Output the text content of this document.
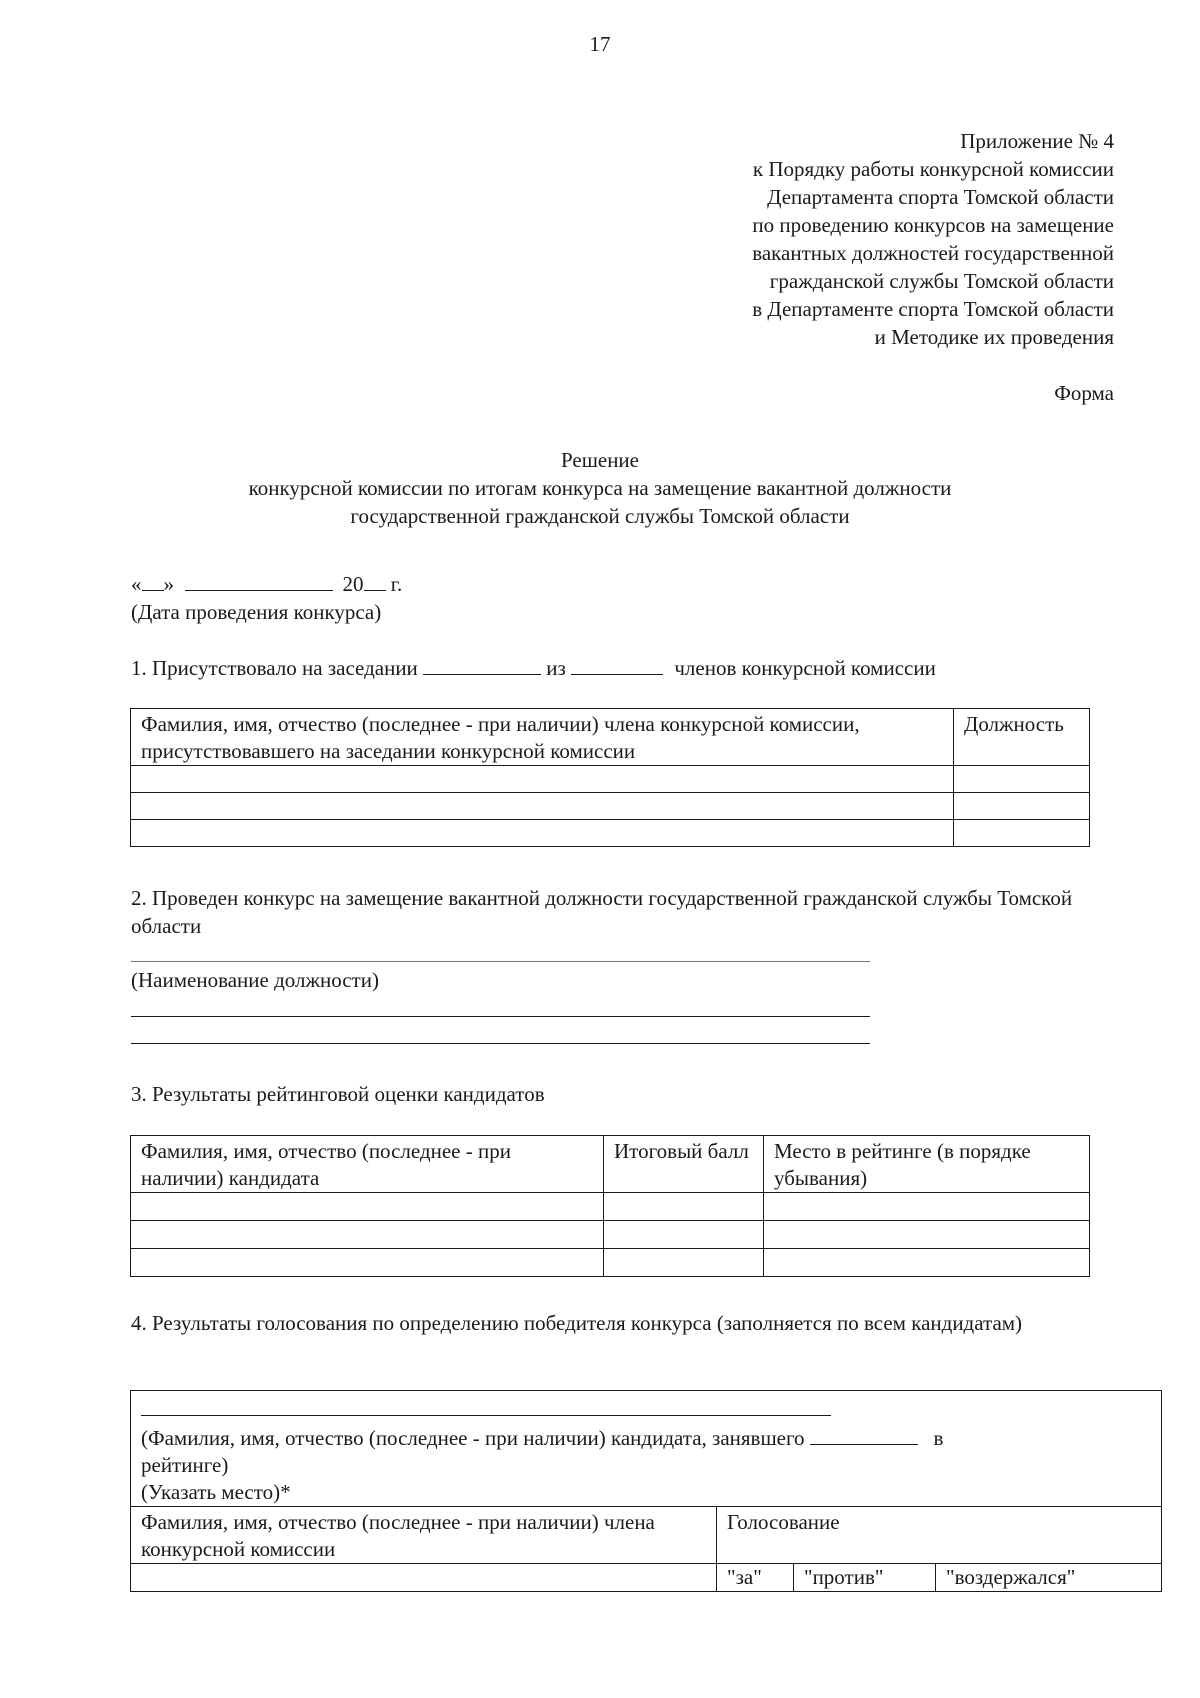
17
Приложение № 4
к Порядку работы конкурсной комиссии
Департамента спорта Томской области
по проведению конкурсов на замещение
вакантных должностей государственной
гражданской службы Томской области
в Департаменте спорта Томской области
и Методике их проведения
Форма
Решение
конкурсной комиссии по итогам конкурса на замещение вакантной должности
государственной гражданской службы Томской области
« »	20 г.
(Дата проведения конкурса)
1. Присутствовало на заседании	из	членов конкурсной комиссии
Фамилия, имя, отчество (последнее - при наличии) члена конкурсной комиссии, присутствовавшего на заседании конкурсной комиссии	Должность

2. Проведен конкурс на замещение вакантной должности государственной гражданской службы Томской области
(Наименование должности)
3. Результаты рейтинговой оценки кандидатов
Фамилия, имя, отчество (последнее - при наличии) кандидата	Итоговый балл	Место в рейтинге (в порядке убывания)

4. Результаты голосования по определению победителя конкурса (заполняется по всем кандидатам)
(Фамилия, имя, отчество (последнее - при наличии) кандидата, занявшего в
рейтинге)
(Указать место)*			

Фамилия, имя, отчество (последнее - при наличии) члена конкурсной комиссии	Голосование		
	"за"	"против"	"воздержался"
